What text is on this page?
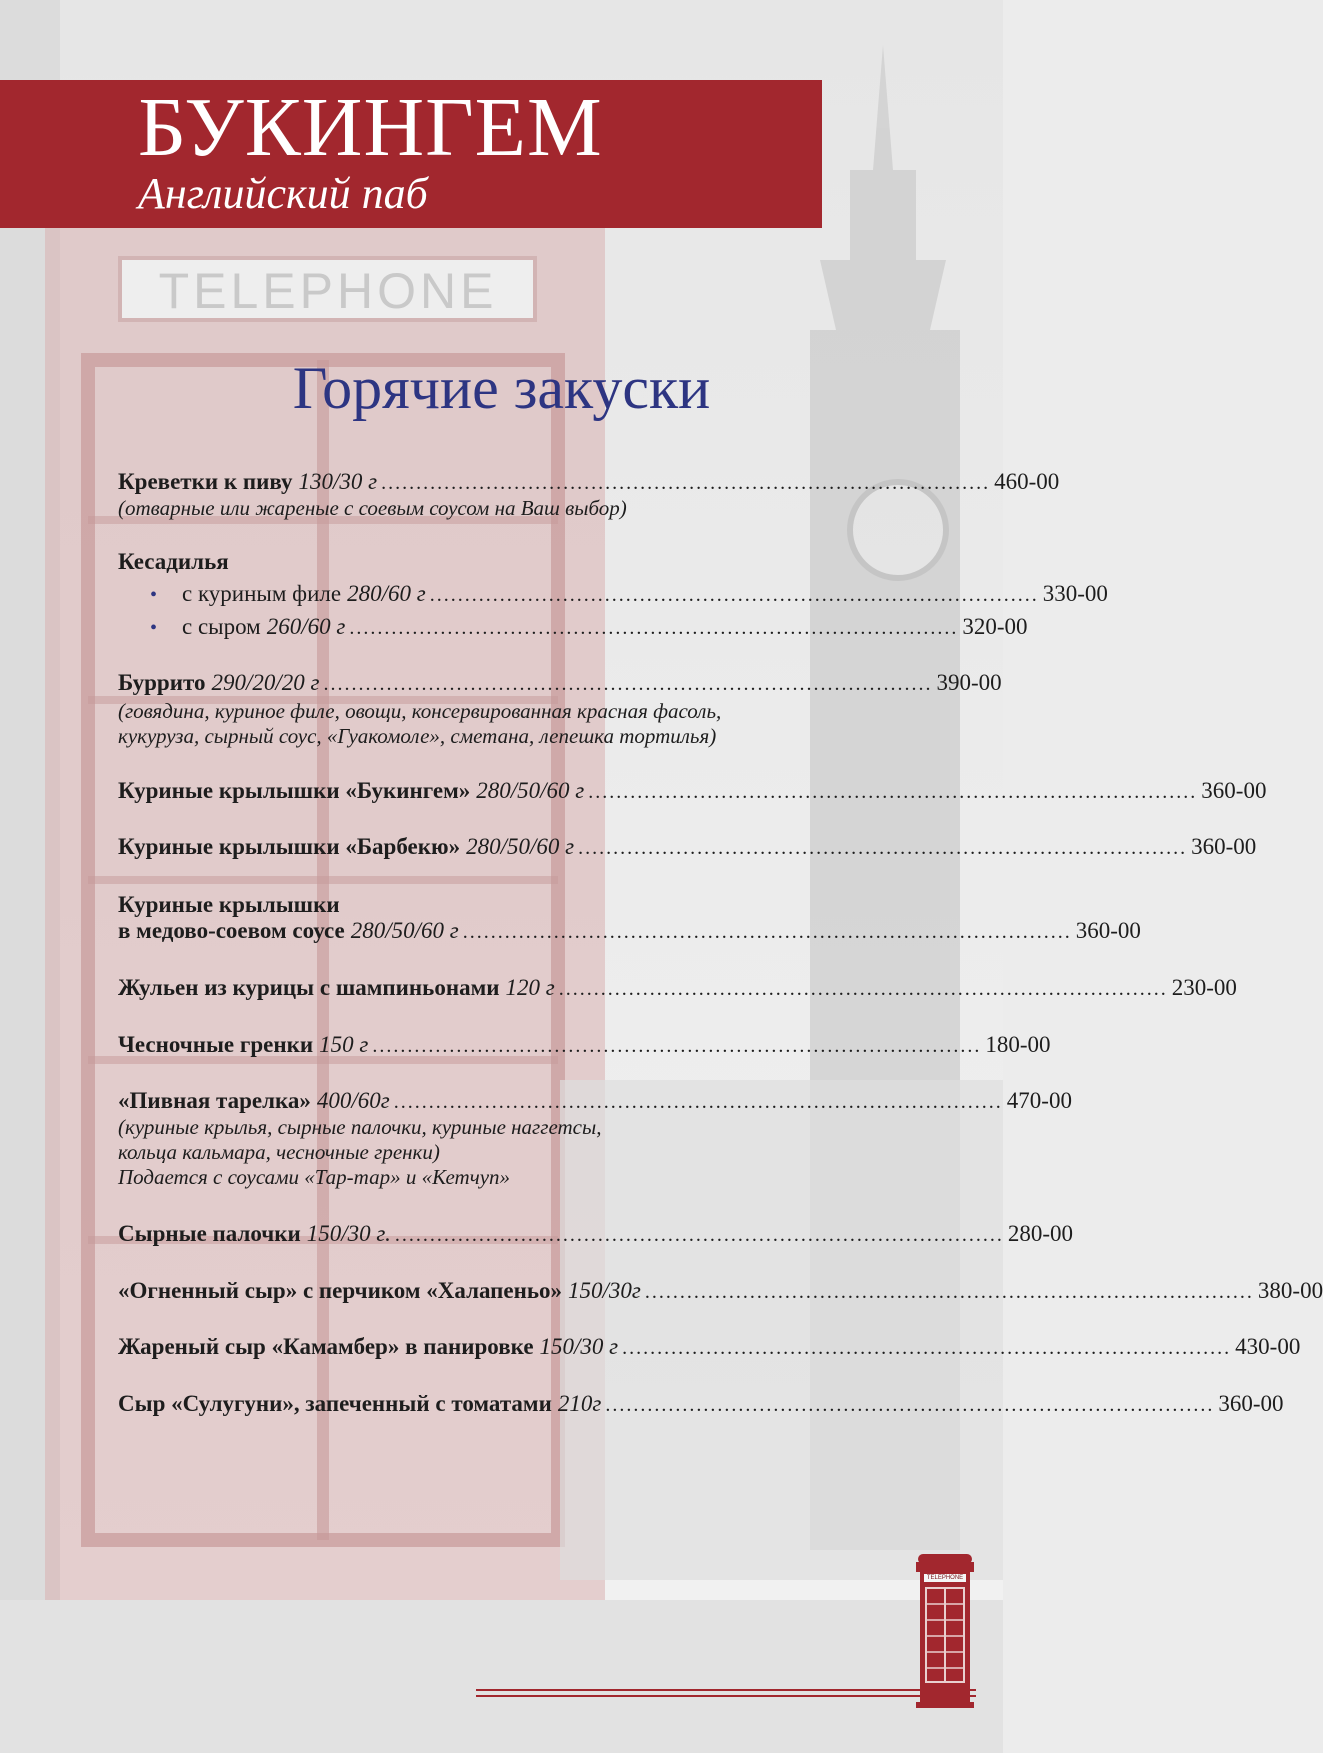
TELEPHONE
БУКИНГЕМ
Английский паб
Горячие закуски
Креветки к пиву 130/30 г ....................................................................................... 460-00
(отварные или жареные с соевым соусом на Ваш выбор)
Кесадилья
• с куриным филе 280/60 г ....................................................................................... 330-00
• с сыром 260/60 г ....................................................................................... 320-00
Буррито 290/20/20 г ....................................................................................... 390-00
(говядина, куриное филе, овощи, консервированная красная фасоль,
кукуруза, сырный соус, «Гуакомоле», сметана, лепешка тортилья)
Куриные крылышки «Букингем» 280/50/60 г ....................................................................................... 360-00
Куриные крылышки «Барбекю» 280/50/60 г ....................................................................................... 360-00
Куриные крылышки
в медово-соевом соусе 280/50/60 г ....................................................................................... 360-00
Жульен из курицы с шампиньонами 120 г ....................................................................................... 230-00
Чесночные гренки 150 г ....................................................................................... 180-00
«Пивная тарелка» 400/60г ....................................................................................... 470-00
(куриные крылья, сырные палочки, куриные наггетсы,
кольца кальмара, чесночные гренки)
Подается с соусами «Тар-тар» и «Кетчуп»
Сырные палочки 150/30 г. ....................................................................................... 280-00
«Огненный сыр» с перчиком «Халапеньо» 150/30г ....................................................................................... 380-00
Жареный сыр «Камамбер» в панировке 150/30 г ....................................................................................... 430-00
Сыр «Сулугуни», запеченный с томатами 210г ....................................................................................... 360-00
TELEPHONE
